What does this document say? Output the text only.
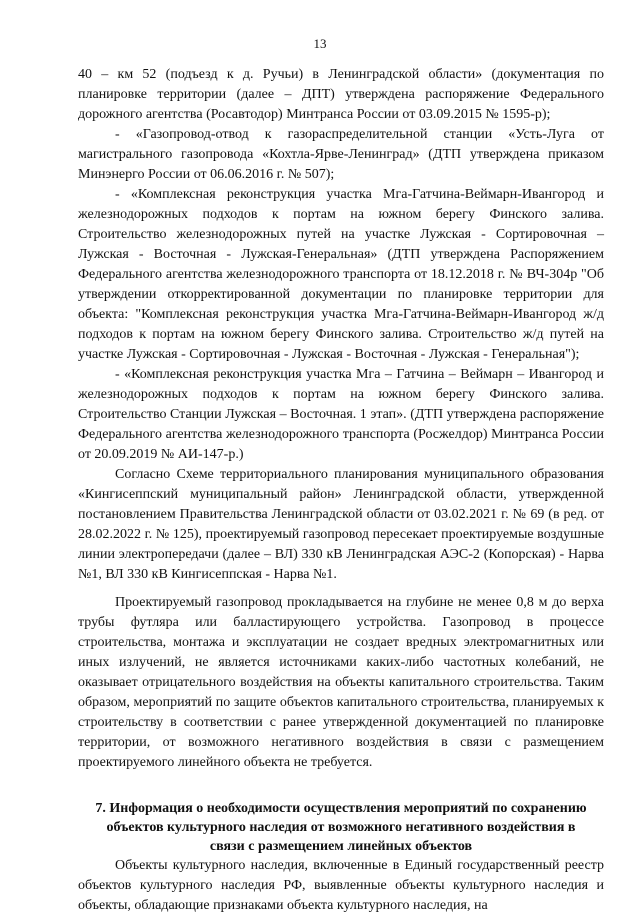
13

40 – км 52 (подъезд к д. Ручьи) в Ленинградской области» (документация по планировке территории (далее – ДПТ) утверждена распоряжение Федерального дорожного агентства (Росавтодор) Минтранса России от 03.09.2015 № 1595-р);

- «Газопровод-отвод к газораспределительной станции «Усть-Луга от магистрального газопровода «Кохтла-Ярве-Ленинград» (ДТП утверждена приказом Минэнерго России от 06.06.2016 г. № 507);

- «Комплексная реконструкция участка Мга-Гатчина-Веймарн-Ивангород и железнодорожных подходов к портам на южном берегу Финского залива. Строительство железнодорожных путей на участке Лужская - Сортировочная – Лужская - Восточная - Лужская-Генеральная» (ДТП утверждена Распоряжением Федерального агентства железнодорожного транспорта от 18.12.2018 г. № ВЧ-304р "Об утверждении откорректированной документации по планировке территории для объекта: "Комплексная реконструкция участка Мга-Гатчина-Веймарн-Ивангород ж/д подходов к портам на южном берегу Финского залива. Строительство ж/д путей на участке Лужская - Сортировочная - Лужская - Восточная - Лужская - Генеральная");

- «Комплексная реконструкция участка Мга – Гатчина – Веймарн – Ивангород и железнодорожных подходов к портам на южном берегу Финского залива. Строительство Станции Лужская – Восточная. 1 этап». (ДТП утверждена распоряжение Федерального агентства железнодорожного транспорта (Росжелдор) Минтранса России от 20.09.2019 № АИ-147-р.)

Согласно Схеме территориального планирования муниципального образования «Кингисеппский муниципальный район» Ленинградской области, утвержденной постановлением Правительства Ленинградской области от 03.02.2021 г. № 69 (в ред. от 28.02.2022 г. № 125), проектируемый газопровод пересекает проектируемые воздушные линии электропередачи (далее – ВЛ) 330 кВ Ленинградская АЭС-2 (Копорская) - Нарва №1, ВЛ 330 кВ Кингисеппская - Нарва №1.

Проектируемый газопровод прокладывается на глубине не менее 0,8 м до верха трубы футляра или балластирующего устройства. Газопровод в процессе строительства, монтажа и эксплуатации не создает вредных электромагнитных или иных излучений, не является источниками каких-либо частотных колебаний, не оказывает отрицательного воздействия на объекты капитального строительства. Таким образом, мероприятий по защите объектов капитального строительства, планируемых к строительству в соответствии с ранее утвержденной документацией по планировке территории, от возможного негативного воздействия в связи с размещением проектируемого линейного объекта не требуется.

7. Информация о необходимости осуществления мероприятий по сохранению объектов культурного наследия от возможного негативного воздействия в связи с размещением линейных объектов

Объекты культурного наследия, включенные в Единый государственный реестр объектов культурного наследия РФ, выявленные объекты культурного наследия и объекты, обладающие признаками объекта культурного наследия, на
